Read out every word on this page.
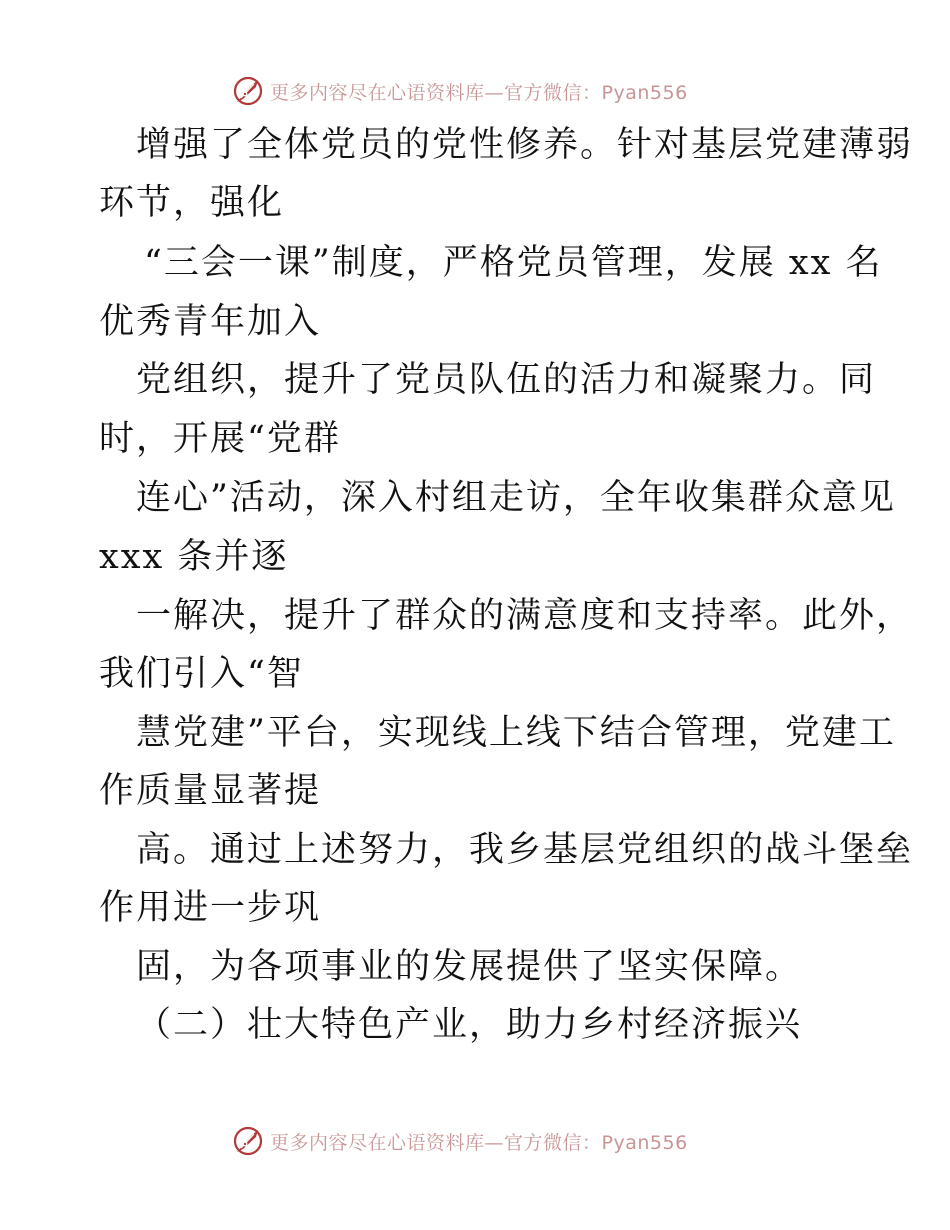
更多内容尽在心语资料库—官方微信：Pyan556
增强了全体党员的党性修养。针对基层党建薄弱
环节，强化
“三会一课”制度，严格党员管理，发展 xx 名
优秀青年加入
党组织，提升了党员队伍的活力和凝聚力。同
时，开展“党群
连心”活动，深入村组走访，全年收集群众意见
xxx 条并逐
一解决，提升了群众的满意度和支持率。此外，
我们引入“智
慧党建”平台，实现线上线下结合管理，党建工
作质量显著提
高。通过上述努力，我乡基层党组织的战斗堡垒
作用进一步巩
固，为各项事业的发展提供了坚实保障。
（二）壮大特色产业，助力乡村经济振兴
更多内容尽在心语资料库—官方微信：Pyan556
